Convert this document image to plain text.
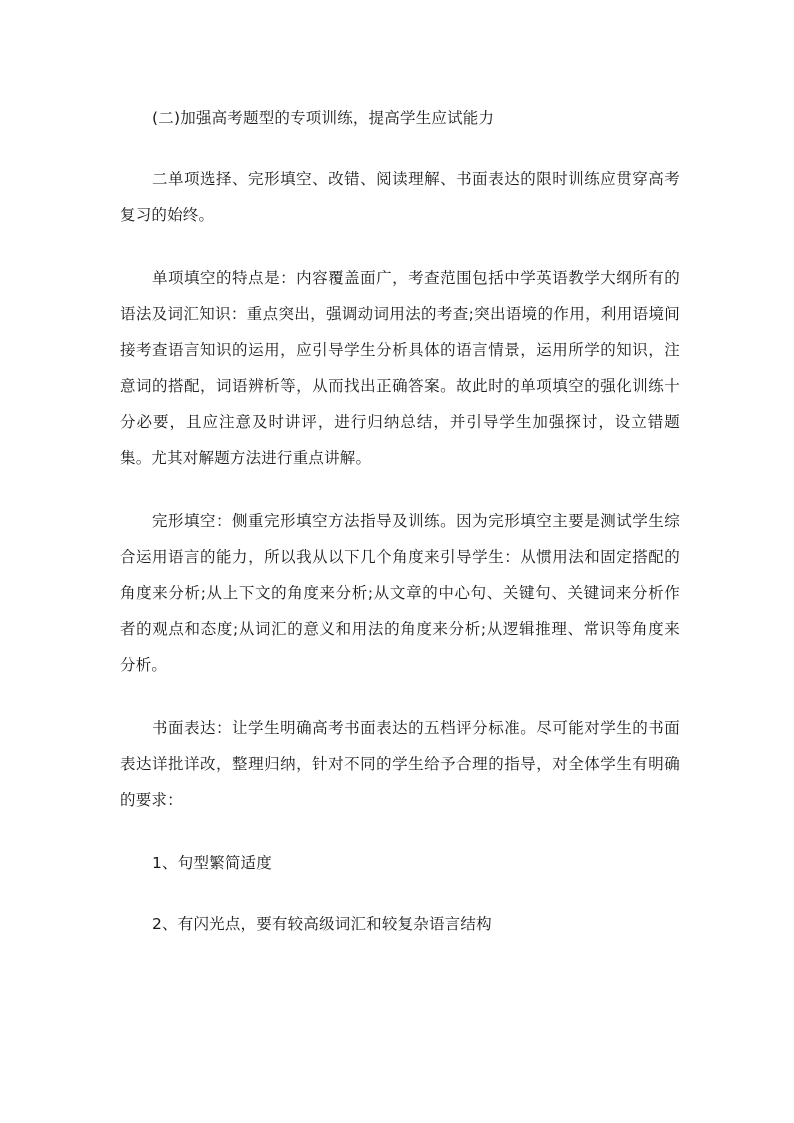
(二)加强高考题型的专项训练，提高学生应试能力

二单项选择、完形填空、改错、阅读理解、书面表达的限时训练应贯穿高考复习的始终。

单项填空的特点是：内容覆盖面广，考查范围包括中学英语教学大纲所有的语法及词汇知识：重点突出，强调动词用法的考查;突出语境的作用，利用语境间接考查语言知识的运用，应引导学生分析具体的语言情景，运用所学的知识，注意词的搭配，词语辨析等，从而找出正确答案。故此时的单项填空的强化训练十分必要，且应注意及时讲评，进行归纳总结，并引导学生加强探讨，设立错题集。尤其对解题方法进行重点讲解。

完形填空：侧重完形填空方法指导及训练。因为完形填空主要是测试学生综合运用语言的能力，所以我从以下几个角度来引导学生：从惯用法和固定搭配的角度来分析;从上下文的角度来分析;从文章的中心句、关键句、关键词来分析作者的观点和态度;从词汇的意义和用法的角度来分析;从逻辑推理、常识等角度来分析。

书面表达：让学生明确高考书面表达的五档评分标准。尽可能对学生的书面表达详批详改，整理归纳，针对不同的学生给予合理的指导，对全体学生有明确的要求：

1、句型繁简适度

2、有闪光点，要有较高级词汇和较复杂语言结构
